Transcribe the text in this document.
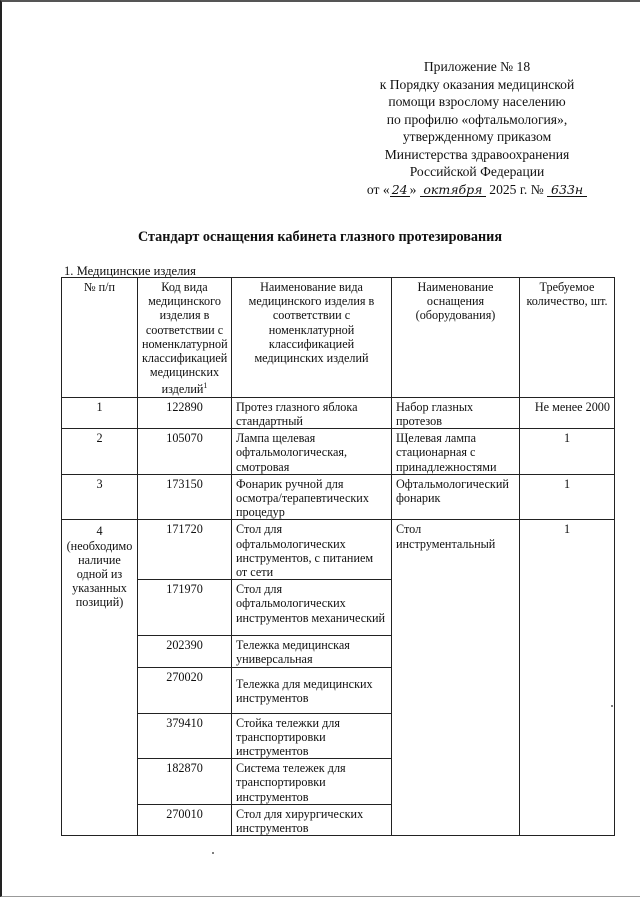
Приложение № 18
к Порядку оказания медицинской
помощи взрослому населению
по профилю «офтальмология»,
утвержденному приказом
Министерства здравоохранения
Российской Федерации
от « 24 » октября 2025 г. № 633н
Стандарт оснащения кабинета глазного протезирования
1. Медицинские изделия
№ п/п	Код вида медицинского изделия в соответствии с номенклатурной классификацией медицинских изделий$^1$	Наименование вида медицинского изделия в соответствии с номенклатурной классификацией медицинских изделий	Наименование оснащения (оборудования)	Требуемое количество, шт.
1	122890	Протез глазного яблока стандартный	Набор глазных протезов	Не менее 2000
2	105070	Лампа щелевая офтальмологическая, смотровая	Щелевая лампа стационарная с принадлежностями	1
3	173150	Фонарик ручной для осмотра/терапевтических процедур	Офтальмологический фонарик	1
4 (необходимо наличие одной из указанных позиций)	171720	Стол для офтальмологических инструментов, с питанием от сети	Стол инструментальный	1
	171970	Стол для офтальмологических инструментов механический		
	202390	Тележка медицинская универсальная		
	270020	Тележка для медицинских инструментов		
	379410	Стойка тележки для транспортировки инструментов		
	182870	Система тележек для транспортировки инструментов		
	270010	Стол для хирургических инструментов		
